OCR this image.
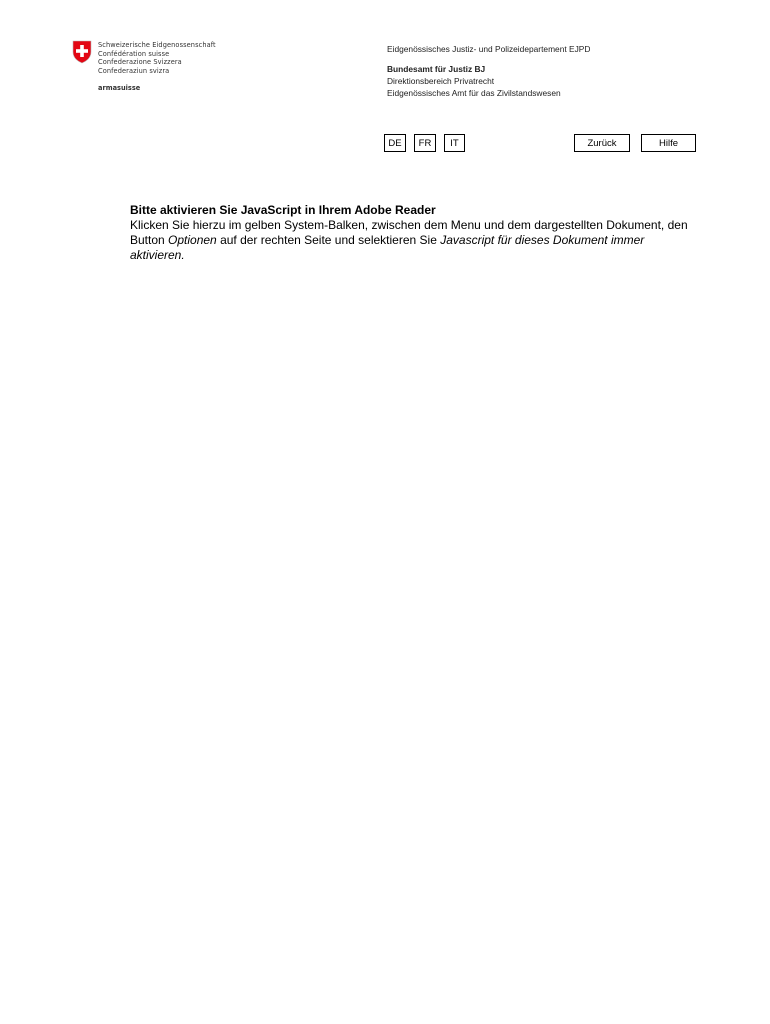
Schweizerische Eidgenossenschaft
Confédération suisse
Confederazione Svizzera
Confederaziun svizra
armasuisse
Eidgenössisches Justiz- und Polizeidepartement EJPD
Bundesamt für Justiz BJ
Direktionsbereich Privatrecht
Eidgenössisches Amt für das Zivilstandswesen
DE	FR	IT	Zurück	Hilfe
Bitte aktivieren Sie JavaScript in Ihrem Adobe Reader
Klicken Sie hierzu im gelben System-Balken, zwischen dem Menu und dem dargestellten Dokument, den Button Optionen auf der rechten Seite und selektieren Sie Javascript für dieses Dokument immer aktivieren.
